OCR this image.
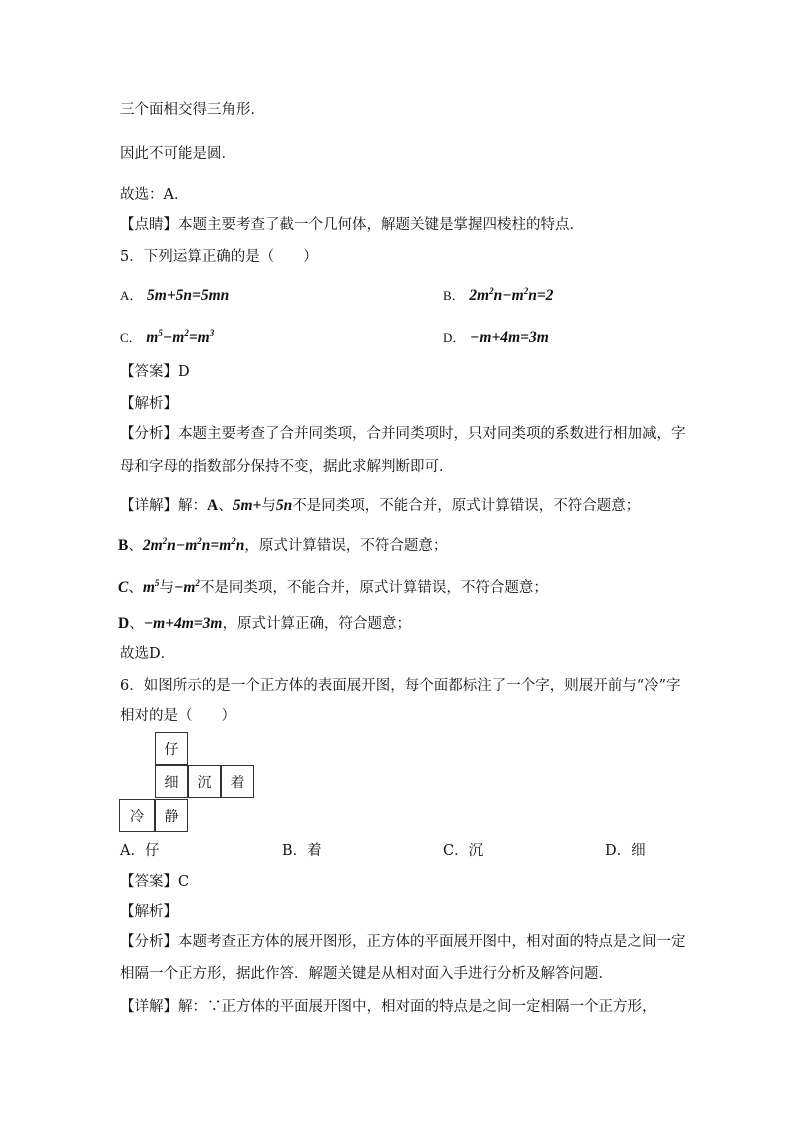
三个面相交得三角形．
因此不可能是圆．
故选：A．
【点睛】本题主要考查了截一个几何体，解题关键是掌握四棱柱的特点．
5．下列运算正确的是（　　）
A． 5m+5n=5mn	B． $2m^2n-m^2n=2$
C． $m^5-m^2=m^3$	D． −m+4m=3m
【答案】D
【解析】
【分析】本题主要考查了合并同类项，合并同类项时，只对同类项的系数进行相加减，字
母和字母的指数部分保持不变，据此求解判断即可．
【详解】解：A、5m+与5n不是同类项，不能合并，原式计算错误，不符合题意；
B、$2m^2n-m^2n=m^2n$，原式计算错误，不符合题意；
C、$m^5$与$-m^2$不是同类项，不能合并，原式计算错误，不符合题意；
D、−m+4m=3m，原式计算正确，符合题意；
故选D．
6．如图所示的是一个正方体的表面展开图，每个面都标注了一个字，则展开前与“冷”字
相对的是（　　）
仔
细	沉	着
冷	静
A．仔	B．着	C．沉	D．细
【答案】C
【解析】
【分析】本题考查正方体的展开图形，正方体的平面展开图中，相对面的特点是之间一定
相隔一个正方形，据此作答．解题关键是从相对面入手进行分析及解答问题．
【详解】解：∵正方体的平面展开图中，相对面的特点是之间一定相隔一个正方形，
